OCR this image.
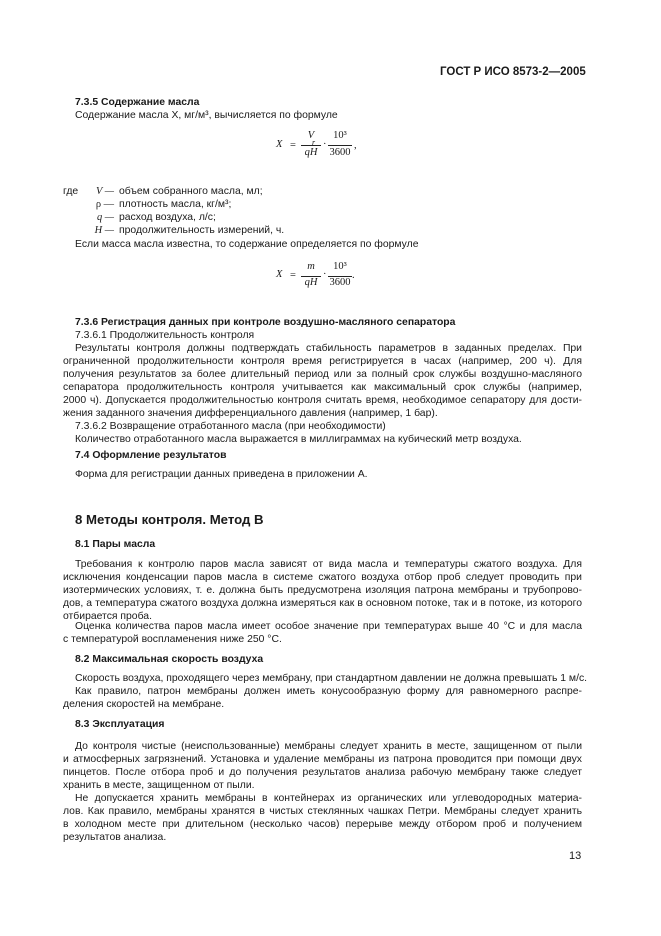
ГОСТ Р ИСО 8573-2—2005
7.3.5 Содержание масла
Содержание масла X, мг/м³, вычисляется по формуле
X =
V
r
qH
·
10³
3600
,
где	V — объем собранного масла, мл;
ρ — плотность масла, кг/м³;
q — расход воздуха, л/с;
H — продолжительность измерений, ч.
Если масса масла известна, то содержание определяется по формуле
X =
m
qH
·
10³
3600
.
7.3.6 Регистрация данных при контроле воздушно-масляного сепаратора
7.3.6.1 Продолжительность контроля
Результаты контроля должны подтверждать стабильность параметров в заданных пределах. При
ограниченной продолжительности контроля время регистрируется в часах (например, 200 ч). Для
получения результатов за более длительный период или за полный срок службы воздушно-масляного
сепаратора продолжительность контроля учитывается как максимальный срок службы (например,
2000 ч). Допускается продолжительностью контроля считать время, необходимое сепаратору для дости-
жения заданного значения дифференциального давления (например, 1 бар).
7.3.6.2 Возвращение отработанного масла (при необходимости)
Количество отработанного масла выражается в миллиграммах на кубический метр воздуха.
7.4 Оформление результатов
Форма для регистрации данных приведена в приложении А.
8 Методы контроля. Метод В
8.1 Пары масла
Требования к контролю паров масла зависят от вида масла и температуры сжатого воздуха. Для
исключения конденсации паров масла в системе сжатого воздуха отбор проб следует проводить при
изотермических условиях, т. е. должна быть предусмотрена изоляция патрона мембраны и трубопрово-
дов, а температура сжатого воздуха должна измеряться как в основном потоке, так и в потоке, из которого
отбирается проба.
Оценка количества паров масла имеет особое значение при температурах выше 40 °С и для масла
с температурой воспламенения ниже 250 °С.
8.2 Максимальная скорость воздуха
Скорость воздуха, проходящего через мембрану, при стандартном давлении не должна превышать 1 м/с.
Как правило, патрон мембраны должен иметь конусообразную форму для равномерного распре-
деления скоростей на мембране.
8.3 Эксплуатация
До контроля чистые (неиспользованные) мембраны следует хранить в месте, защищенном от пыли
и атмосферных загрязнений. Установка и удаление мембраны из патрона проводится при помощи двух
пинцетов. После отбора проб и до получения результатов анализа рабочую мембрану также следует
хранить в месте, защищенном от пыли.
Не допускается хранить мембраны в контейнерах из органических или углеводородных материа-
лов. Как правило, мембраны хранятся в чистых стеклянных чашках Петри. Мембраны следует хранить
в холодном месте при длительном (несколько часов) перерыве между отбором проб и получением
результатов анализа.
13
